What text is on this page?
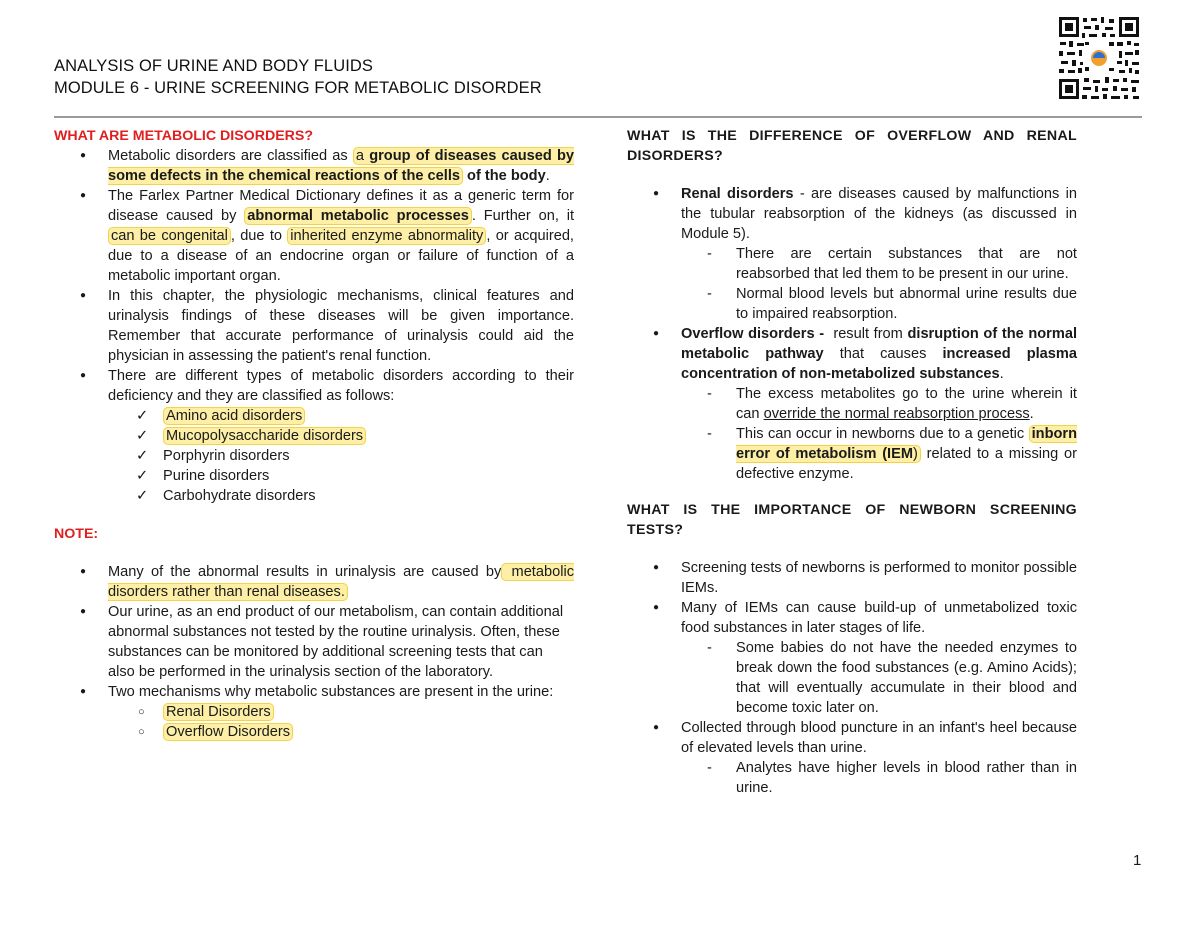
ANALYSIS OF URINE AND BODY FLUIDS
MODULE 6 - URINE SCREENING FOR METABOLIC DISORDER
WHAT ARE METABOLIC DISORDERS?
● Metabolic disorders are classified as a group of diseases caused by some defects in the chemical reactions of the cells of the body.
● The Farlex Partner Medical Dictionary defines it as a generic term for disease caused by abnormal metabolic processes . Further on, it can be congenital , due to inherited enzyme abnormality , or acquired, due to a disease of an endocrine organ or failure of function of a metabolic important organ.
● In this chapter, the physiologic mechanisms, clinical features and urinalysis findings of these diseases will be given importance. Remember that accurate performance of urinalysis could aid the physician in assessing the patient's renal function.
● There are different types of metabolic disorders according to their deficiency and they are classified as follows:
✓ Amino acid disorders
✓ Mucopolysaccharide disorders
✓ Porphyrin disorders
✓ Purine disorders
✓ Carbohydrate disorders
NOTE:
● Many of the abnormal results in urinalysis are caused by metabolic disorders rather than renal diseases.
● Our urine, as an end product of our metabolism, can contain additional abnormal substances not tested by the routine urinalysis. Often, these substances can be monitored by additional screening tests that can also be performed in the urinalysis section of the laboratory.
● Two mechanisms why metabolic substances are present in the urine:
○ Renal Disorders
○ Overflow Disorders
WHAT IS THE DIFFERENCE OF OVERFLOW AND RENAL DISORDERS?
● Renal disorders - are diseases caused by malfunctions in the tubular reabsorption of the kidneys (as discussed in Module 5).
- There are certain substances that are not reabsorbed that led them to be present in our urine.
- Normal blood levels but abnormal urine results due to impaired reabsorption.
● Overflow disorders -  result from disruption of the normal metabolic pathway that causes increased plasma concentration of non-metabolized substances.
- The excess metabolites go to the urine wherein it can override the normal reabsorption process.
- This can occur in newborns due to a genetic inborn error of metabolism (IEM) related to a missing or defective enzyme.
WHAT IS THE IMPORTANCE OF NEWBORN SCREENING TESTS?
● Screening tests of newborns is performed to monitor possible IEMs.
● Many of IEMs can cause build-up of unmetabolized toxic food substances in later stages of life.
- Some babies do not have the needed enzymes to break down the food substances (e.g. Amino Acids); that will eventually accumulate in their blood and become toxic later on.
● Collected through blood puncture in an infant's heel because of elevated levels than urine.
- Analytes have higher levels in blood rather than in urine.
1
